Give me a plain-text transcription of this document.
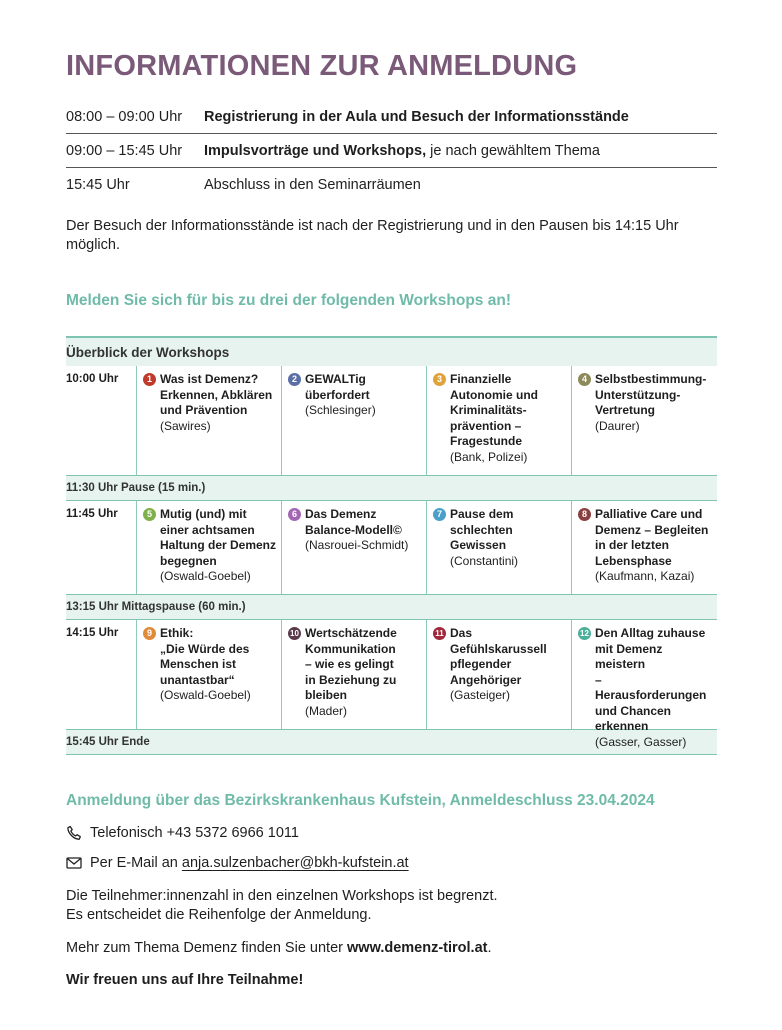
INFORMATIONEN ZUR ANMELDUNG
08:00 – 09:00 Uhr	Registrierung in der Aula und Besuch der Informationsstände
09:00 – 15:45 Uhr	Impulsvorträge und Workshops, je nach gewähltem Thema
15:45 Uhr	Abschluss in den Seminarräumen

Der Besuch der Informationsstände ist nach der Registrierung und in den Pausen bis 14:15 Uhr möglich.

Melden Sie sich für bis zu drei der folgenden Workshops an!
Überblick der Workshops
10:00 Uhr	1 Was ist Demenz?
Erkennen, Abklären
und Prävention
(Sawires)
2 GEWALTig
überfordert
(Schlesinger)
3 Finanzielle
Autonomie und
Kriminalitäts-
prävention –
Fragestunde
(Bank, Polizei)
4 Selbstbestimmung-
Unterstützung-
Vertretung
(Daurer)
11:30 Uhr Pause (15 min.)
11:45 Uhr	5 Mutig (und) mit
einer achtsamen
Haltung der Demenz
begegnen
(Oswald-Goebel)
6 Das Demenz
Balance-Modell©
(Nasrouei-Schmidt)
7 Pause dem
schlechten Gewissen
(Constantini)
8 Palliative Care und
Demenz – Begleiten
in der letzten
Lebensphase
(Kaufmann, Kazai)
13:15 Uhr Mittagspause (60 min.)
14:15 Uhr	9 Ethik:
„Die Würde des
Menschen ist
unantastbar“
(Oswald-Goebel)
10 Wertschätzende
Kommunikation
– wie es gelingt
in Beziehung zu
bleiben
(Mader)
11 Das Gefühlskarussell
pflegender
Angehöriger
(Gasteiger)
12 Den Alltag zuhause
mit Demenz meistern
– Herausforderungen
und Chancen
erkennen
(Gasser, Gasser)
15:45 Uhr Ende
Anmeldung über das Bezirkskrankenhaus Kufstein, Anmeldeschluss 23.04.2024
Telefonisch +43 5372 6966 1011
Per E-Mail an anja.sulzenbacher@bkh-kufstein.at

Die Teilnehmer:innenzahl in den einzelnen Workshops ist begrenzt.
Es entscheidet die Reihenfolge der Anmeldung.

Mehr zum Thema Demenz finden Sie unter www.demenz-tirol.at.

Wir freuen uns auf Ihre Teilnahme!
